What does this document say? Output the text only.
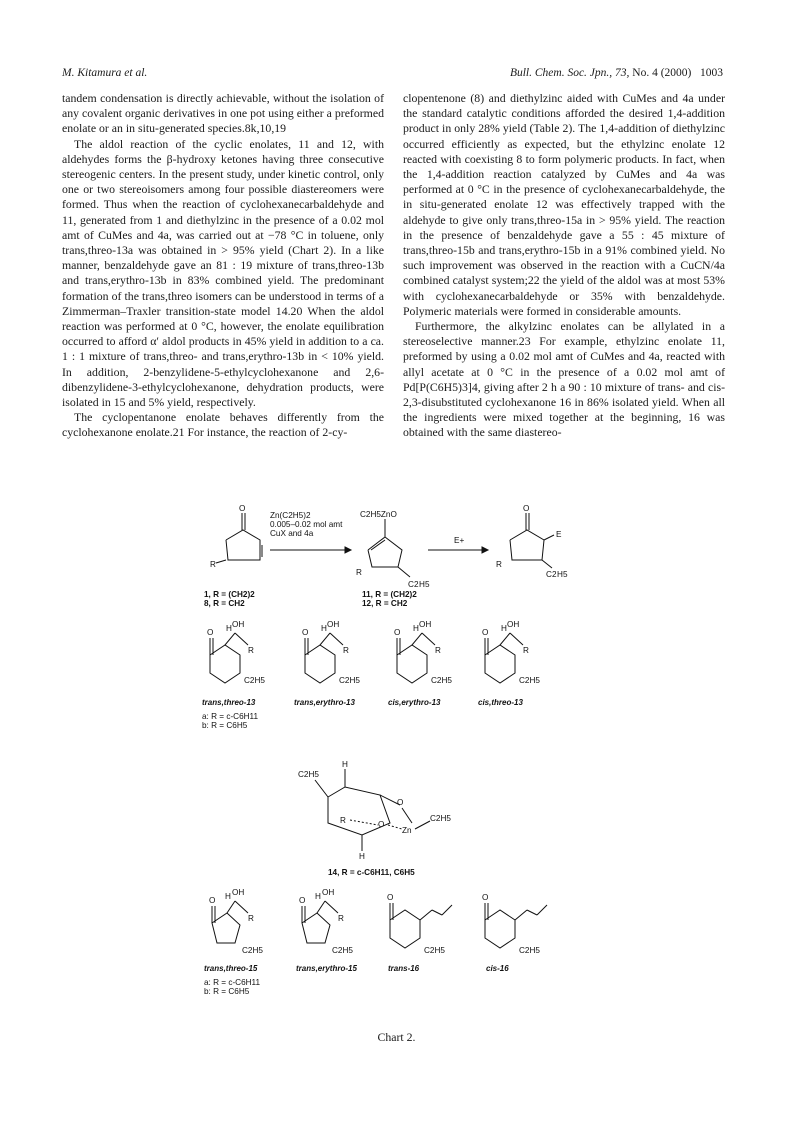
M. Kitamura et al.	Bull. Chem. Soc. Jpn., 73, No. 4 (2000) 1003

tandem condensation is directly achievable, without the isolation of any covalent organic derivatives in one pot using either a preformed enolate or an in situ-generated species.8k,10,19

The aldol reaction of the cyclic enolates, 11 and 12, with aldehydes forms the β-hydroxy ketones having three consecutive stereogenic centers. In the present study, under kinetic control, only one or two stereoisomers among four possible diastereomers were formed. Thus when the reaction of cyclohexanecarbaldehyde and 11, generated from 1 and diethylzinc in the presence of a 0.02 mol amt of CuMes and 4a, was carried out at −78 °C in toluene, only trans,threo-13a was obtained in > 95% yield (Chart 2). In a like manner, benzaldehyde gave an 81 : 19 mixture of trans,threo-13b and trans,erythro-13b in 83% combined yield. The predominant formation of the trans,threo isomers can be understood in terms of a Zimmerman–Traxler transition-state model 14.20 When the aldol reaction was performed at 0 °C, however, the enolate equilibration occurred to afford α′ aldol products in 45% yield in addition to a ca. 1 : 1 mixture of trans,threo- and trans,erythro-13b in < 10% yield. In addition, 2-benzylidene-5-ethylcyclohexanone and 2,6-dibenzylidene-3-ethylcyclohexanone, dehydration products, were isolated in 15 and 5% yield, respectively.

The cyclopentanone enolate behaves differently from the cyclohexanone enolate.21 For instance, the reaction of 2-cy-

clopentenone (8) and diethylzinc aided with CuMes and 4a under the standard catalytic conditions afforded the desired 1,4-addition product in only 28% yield (Table 2). The 1,4-addition of diethylzinc occurred efficiently as expected, but the ethylzinc enolate 12 reacted with coexisting 8 to form polymeric products. In fact, when the 1,4-addition reaction catalyzed by CuMes and 4a was performed at 0 °C in the presence of cyclohexanecarbaldehyde, the in situ-generated enolate 12 was effectively trapped with the aldehyde to give only trans,threo-15a in > 95% yield. The reaction in the presence of benzaldehyde gave a 55 : 45 mixture of trans,threo-15b and trans,erythro-15b in a 91% combined yield. No such improvement was observed in the reaction with a CuCN/4a combined catalyst system;22 the yield of the aldol was at most 53% with cyclohexanecarbaldehyde or 35% with benzaldehyde. Polymeric materials were formed in considerable amounts.

Furthermore, the alkylzinc enolates can be allylated in a stereoselective manner.23 For example, ethylzinc enolate 11, preformed by using a 0.02 mol amt of CuMes and 4a, reacted with allyl acetate at 0 °C in the presence of a 0.02 mol amt of Pd[P(C6H5)3]4, giving after 2 h a 90 : 10 mixture of trans- and cis-2,3-disubstituted cyclohexanone 16 in 86% isolated yield. When all the ingredients were mixed together at the beginning, 16 was obtained with the same diastereo-

O
R
Zn(C2H5)2
0.005–0.02 mol amt
CuX and 4a
C2H5ZnO
R
C 2 H 5
E+
O
E
C 2 H 5
R
1, R = (CH2)2
8, R = CH2
11, R = (CH2)2
12, R = CH2
O H OH
R
C2H5
O H OH
R
C2H5
O H OH
R
C2H5
O H OH
R
C2H5
trans,threo-13	trans,erythro-13	cis,erythro-13	cis,threo-13
a: R = c-C6H11
b: R = C6H5
H
C2H5
O
R	O
Zn
C2H5
H
14, R = c-C6H11, C6H5
O H OH
R
C2H5
O H OH
R
C2H5
O
C2H5
O
C2H5
trans,threo-15	trans,erythro-15	trans-16	cis-16
a: R = c-C6H11
b: R = C6H5
Chart 2.
